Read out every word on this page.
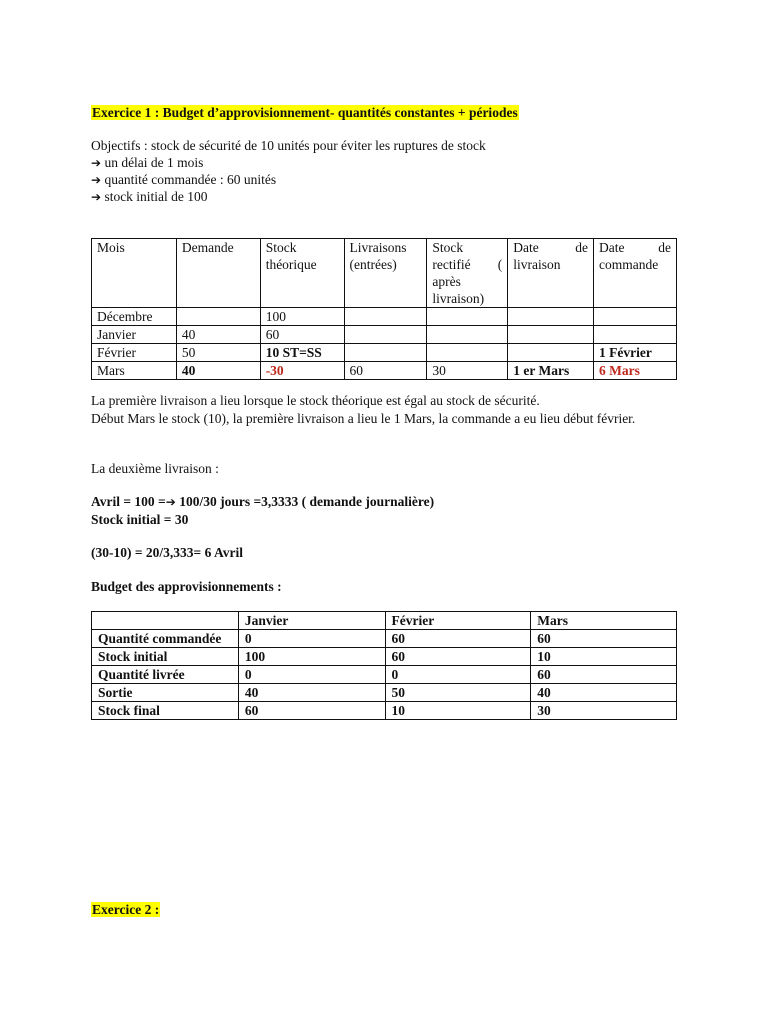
Exercice 1 : Budget d’approvisionnement- quantités constantes + périodes
Objectifs : stock de sécurité de 10 unités pour éviter les ruptures de stock
➔ un délai de 1 mois
➔ quantité commandée : 60 unités
➔ stock initial de 100
Mois	Demande	Stock théorique	Livraisons (entrées)	Stock rectifié ( après livraison)	Date de livraison	Date de commande
Décembre		100				
Janvier	40	60				
Février	50	10 ST=SS				1 Février
Mars	40	-30	60	30	1 er Mars	6 Mars
La première livraison a lieu lorsque le stock théorique est égal au stock de sécurité.
Début Mars le stock (10), la première livraison a lieu le 1 Mars, la commande a eu lieu début février.
La deuxième livraison :
Avril = 100 =➔ 100/30 jours =3,3333 ( demande journalière)
Stock initial = 30
(30-10) = 20/3,333= 6 Avril
Budget des approvisionnements :
	Janvier	Février	Mars
Quantité commandée	0	60	60
Stock initial	100	60	10
Quantité livrée	0	0	60
Sortie	40	50	40
Stock final	60	10	30
Exercice 2 :
